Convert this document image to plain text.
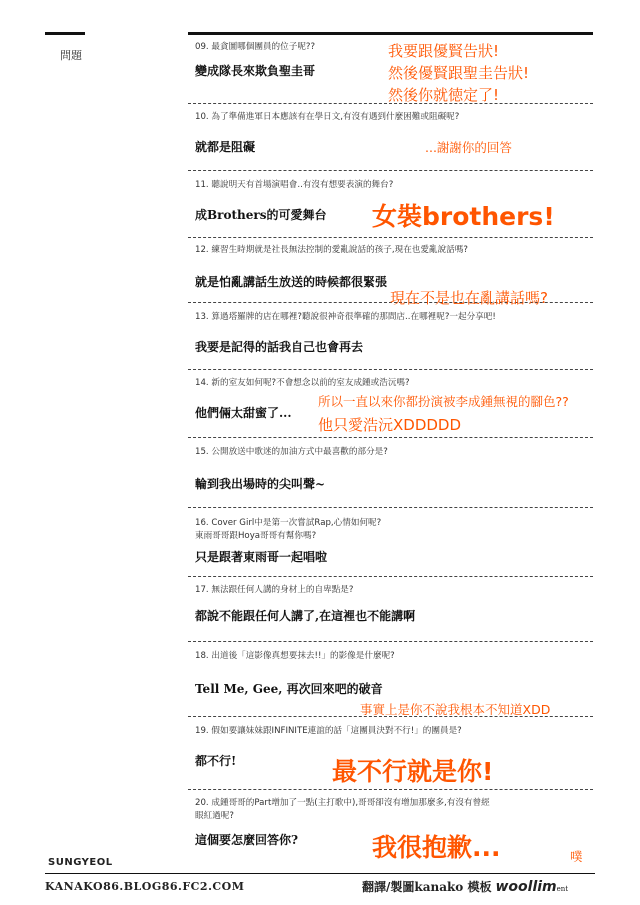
問題
09. 最貪圖哪個團員的位子呢??
變成隊長來欺負聖圭哥
10. 為了準備進軍日本應該有在學日文,有沒有遇到什麼困難或阻礙呢?
就都是阻礙
11. 聽說明天有首場演唱會..有沒有想要表演的舞台?
成Brothers的可愛舞台
12. 練習生時期就是社長無法控制的愛亂說話的孩子,現在也愛亂說話嗎?
就是怕亂講話生放送的時候都很緊張
13. 算過塔羅牌的店在哪裡?聽說很神奇很準確的那間店..在哪裡呢?一起分享吧!
我要是記得的話我自己也會再去
14. 新的室友如何呢?不會想念以前的室友成鍾或浩沅嗎?
他們倆太甜蜜了...
15. 公開放送中歌迷的加油方式中最喜歡的部分是?
輪到我出場時的尖叫聲~
16. Cover Girl中是第一次嘗試Rap,心情如何呢?
東雨哥哥跟Hoya哥哥有幫你嗎?
只是跟著東雨哥一起唱啦
17. 無法跟任何人講的身材上的自卑點是?
都說不能跟任何人講了,在這裡也不能講啊
18. 出道後「這影像真想要抹去!!」的影像是什麼呢?
Tell Me, Gee, 再次回來吧的破音
19. 假如要讓妹妹跟INFINITE連誼的話「這團員決對不行!」的團員是?
都不行!
20. 成鍾哥哥的Part增加了一點(主打歌中),哥哥卻沒有增加那麼多,有沒有曾經
眼紅過呢?
這個要怎麼回答你?
我要跟優賢告狀!
然後優賢跟聖圭告狀!
然後你就徳定了!
...謝謝你的回答
女裝brothers!
現在不是也在亂講話嗎?
所以一直以來你都扮演被李成鍾無視的腳色??
他只愛浩沅XDDDDD
事實上是你不說我根本不知道XDD
最不行就是你!
我很抱歉...	噗
SUNGYEOL
KANAKO86.BLOG86.FC2.COM	翻譯/製圖kanako 模板 woolliment
